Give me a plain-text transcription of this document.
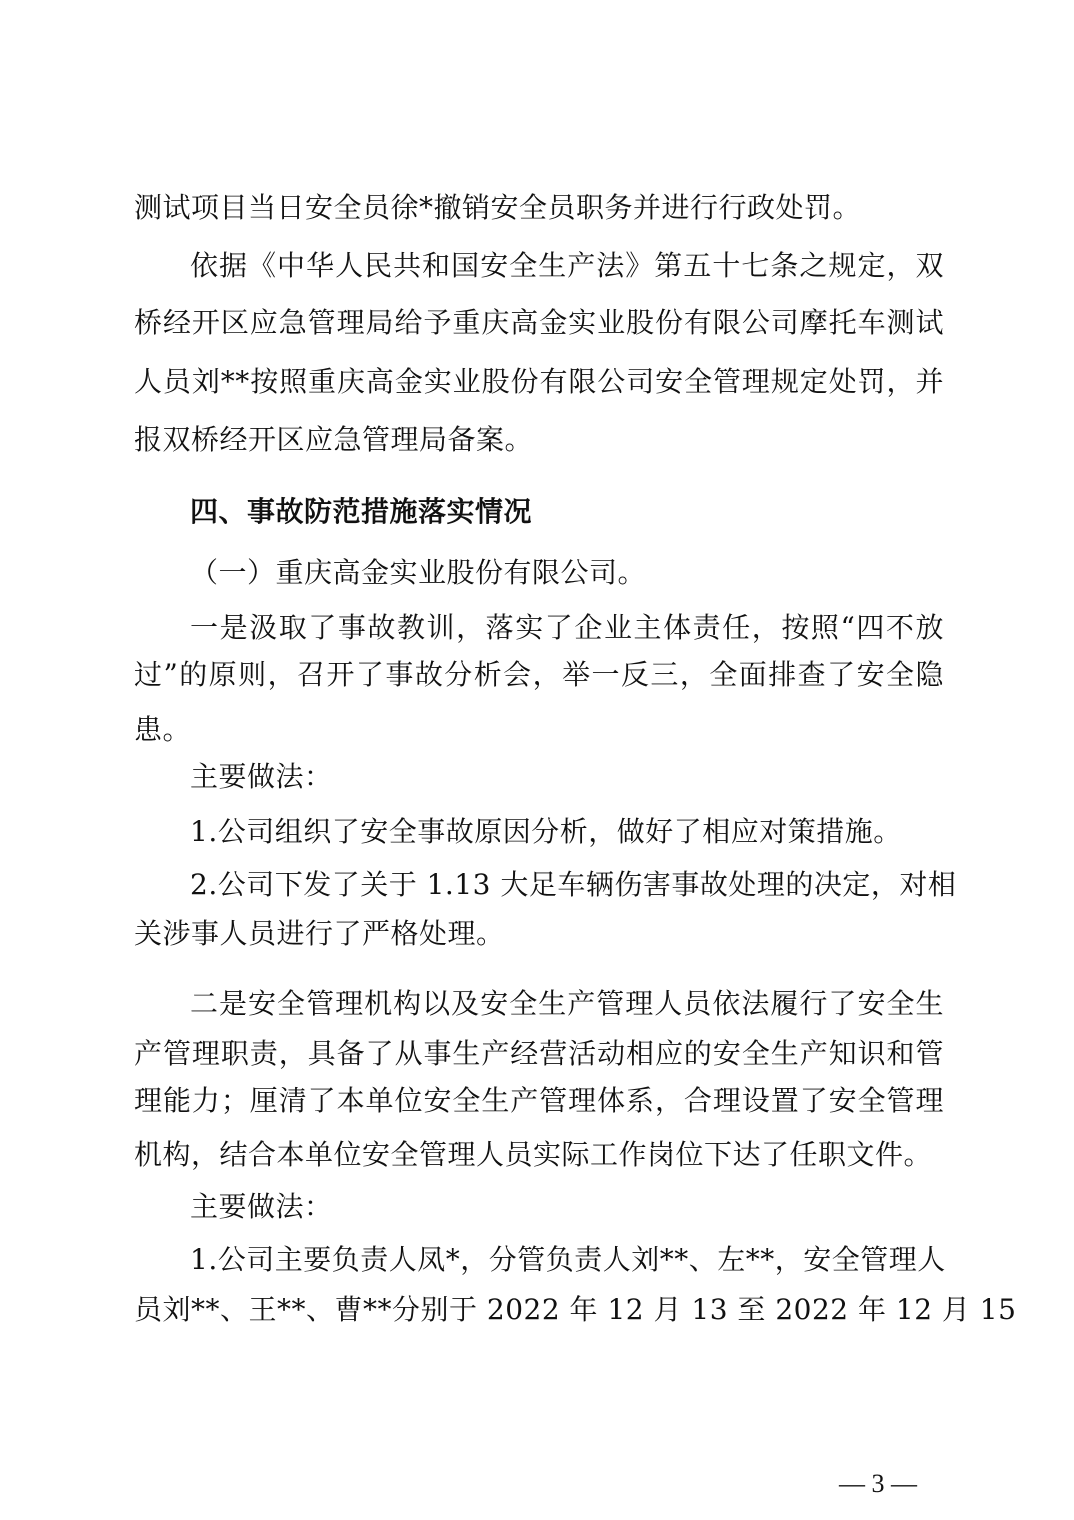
测试项目当日安全员徐*撤销安全员职务并进行行政处罚。
依据《中华人民共和国安全生产法》第五十七条之规定，双
桥经开区应急管理局给予重庆高金实业股份有限公司摩托车测试
人员刘**按照重庆高金实业股份有限公司安全管理规定处罚，并
报双桥经开区应急管理局备案。
四、事故防范措施落实情况
（一）重庆高金实业股份有限公司。
一是汲取了事故教训，落实了企业主体责任，按照“四不放
过”的原则，召开了事故分析会，举一反三，全面排查了安全隐
患。
主要做法：
1.公司组织了安全事故原因分析，做好了相应对策措施。
2.公司下发了关于 1.13 大足车辆伤害事故处理的决定，对相
关涉事人员进行了严格处理。
二是安全管理机构以及安全生产管理人员依法履行了安全生
产管理职责，具备了从事生产经营活动相应的安全生产知识和管
理能力；厘清了本单位安全生产管理体系，合理设置了安全管理
机构，结合本单位安全管理人员实际工作岗位下达了任职文件。
主要做法：
1.公司主要负责人凤*，分管负责人刘**、左**，安全管理人
员刘**、王**、曹**分别于 2022 年 12 月 13 至 2022 年 12 月 15
— 3 —
